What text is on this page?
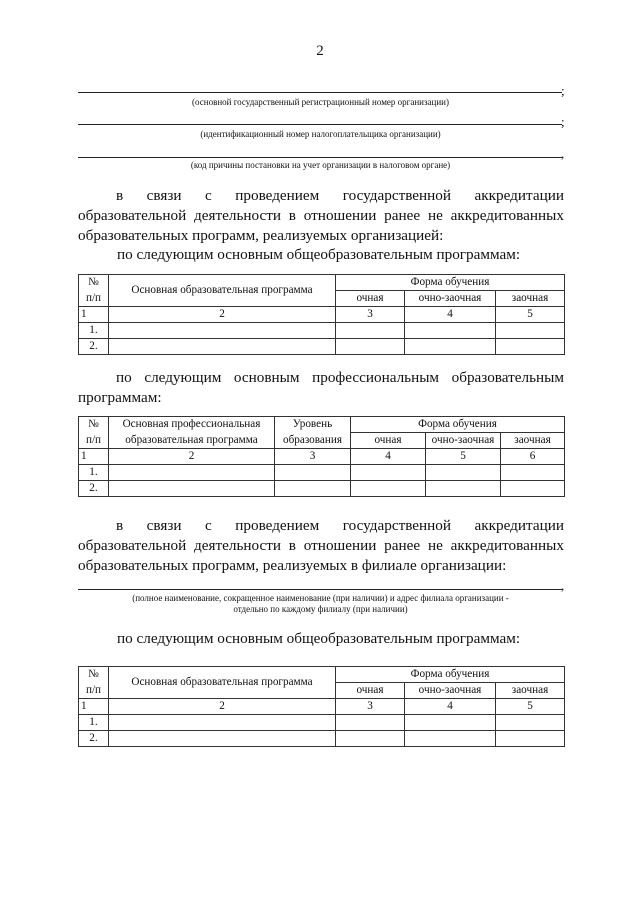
2
;
(основной государственный регистрационный номер организации)
;
(идентификационный номер налогоплательщика организации)
,
(код причины постановки на учет организации в налоговом органе)
в связи с проведением государственной аккредитации
образовательной деятельности в отношении ранее не аккредитованных
образовательных программ, реализуемых организацией:
по следующим основным общеобразовательным программам:
№	Основная образовательная программа	Форма обучения		
п/п		очная	очно-заочная	заочная
1	2	3	4	5
1.				
2.				
по следующим основным профессиональным образовательным
программам:
№	Основная профессиональная	Уровень	Форма обучения		
п/п	образовательная программа	образования	очная	очно-заочная	заочная
1	2	3	4	5	6
1.					
2.					
в связи с проведением государственной аккредитации
образовательной деятельности в отношении ранее не аккредитованных
образовательных программ, реализуемых в филиале организации:
,
(полное наименование, сокращенное наименование (при наличии) и адрес филиала организации -
отдельно по каждому филиалу (при наличии)
по следующим основным общеобразовательным программам:
№	Основная образовательная программа	Форма обучения		
п/п		очная	очно-заочная	заочная
1	2	3	4	5
1.				
2.				
